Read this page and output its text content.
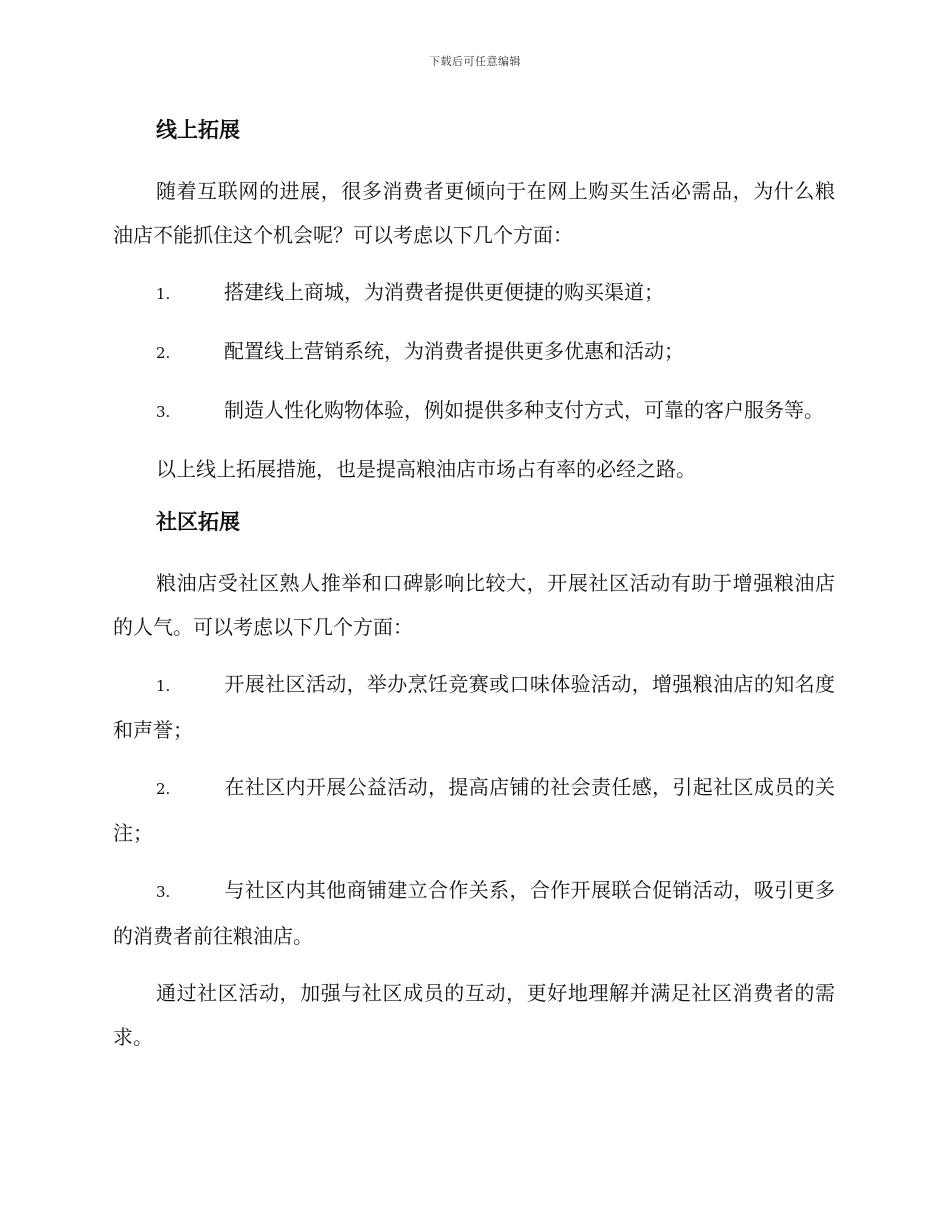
下载后可任意编辑
线上拓展
随着互联网的进展，很多消费者更倾向于在网上购买生活必需品，为什么粮油店不能抓住这个机会呢？可以考虑以下几个方面：
1.	搭建线上商城，为消费者提供更便捷的购买渠道；
2.	配置线上营销系统，为消费者提供更多优惠和活动；
3.	制造人性化购物体验，例如提供多种支付方式，可靠的客户服务等。
以上线上拓展措施，也是提高粮油店市场占有率的必经之路。
社区拓展
粮油店受社区熟人推举和口碑影响比较大，开展社区活动有助于增强粮油店的人气。可以考虑以下几个方面：
1.	开展社区活动，举办烹饪竞赛或口味体验活动，增强粮油店的知名度和声誉；
2.	在社区内开展公益活动，提高店铺的社会责任感，引起社区成员的关注；
3.	与社区内其他商铺建立合作关系，合作开展联合促销活动，吸引更多的消费者前往粮油店。
通过社区活动，加强与社区成员的互动，更好地理解并满足社区消费者的需求。
